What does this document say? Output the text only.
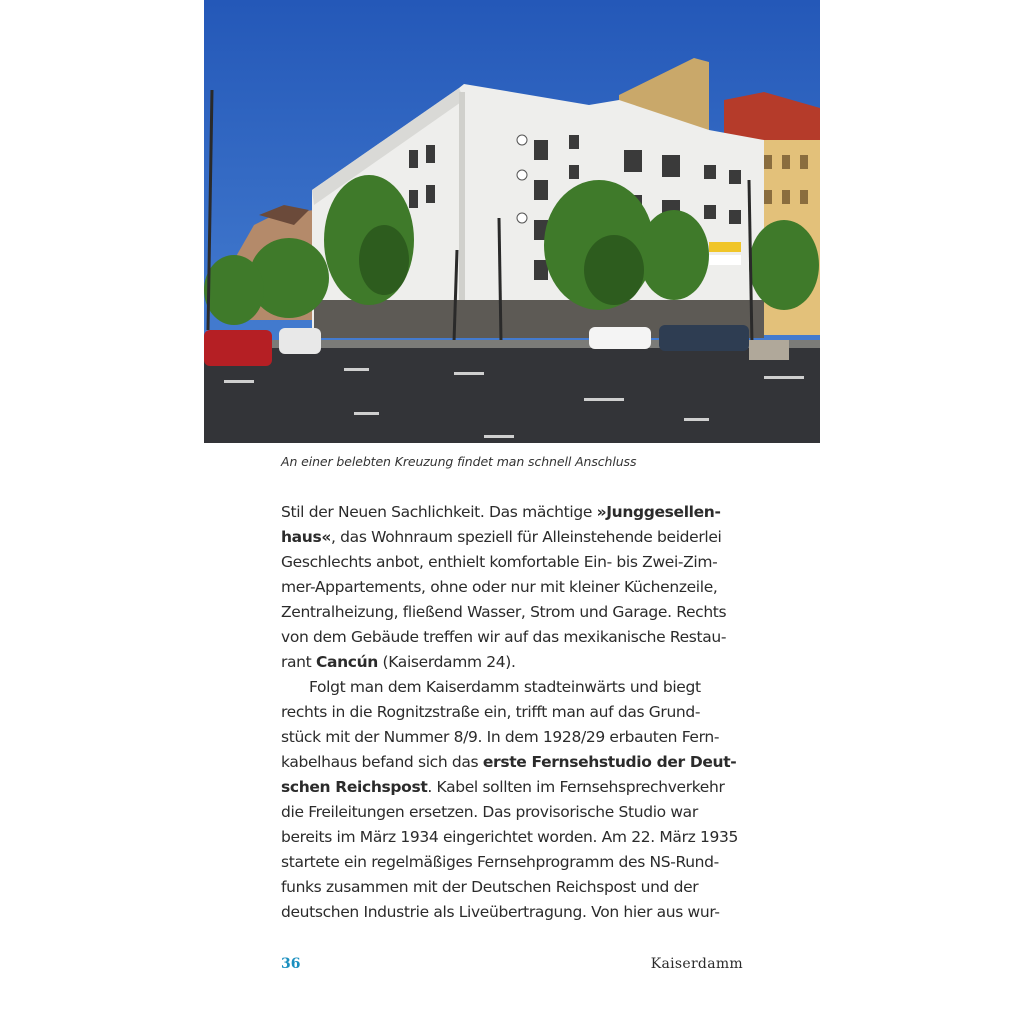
An einer belebten Kreuzung findet man schnell Anschluss
Stil der Neuen Sachlichkeit. Das mächtige »Junggesellen-
haus«, das Wohnraum speziell für Alleinstehende beiderlei
Geschlechts anbot, enthielt komfortable Ein- bis Zwei-Zim-
mer-Appartements, ohne oder nur mit kleiner Küchenzeile,
Zentralheizung, fließend Wasser, Strom und Garage. Rechts
von dem Gebäude treffen wir auf das mexikanische Restau-
rant Cancún (Kaiserdamm 24).
Folgt man dem Kaiserdamm stadteinwärts und biegt
rechts in die Rognitzstraße ein, trifft man auf das Grund-
stück mit der Nummer 8/9. In dem 1928/29 erbauten Fern-
kabelhaus befand sich das erste Fernsehstudio der Deut-
schen Reichspost. Kabel sollten im Fernsehsprechverkehr
die Freileitungen ersetzen. Das provisorische Studio war
bereits im März 1934 eingerichtet worden. Am 22. März 1935
startete ein regelmäßiges Fernsehprogramm des NS-Rund-
funks zusammen mit der Deutschen Reichspost und der
deutschen Industrie als Liveübertragung. Von hier aus wur-
36	Kaiserdamm
